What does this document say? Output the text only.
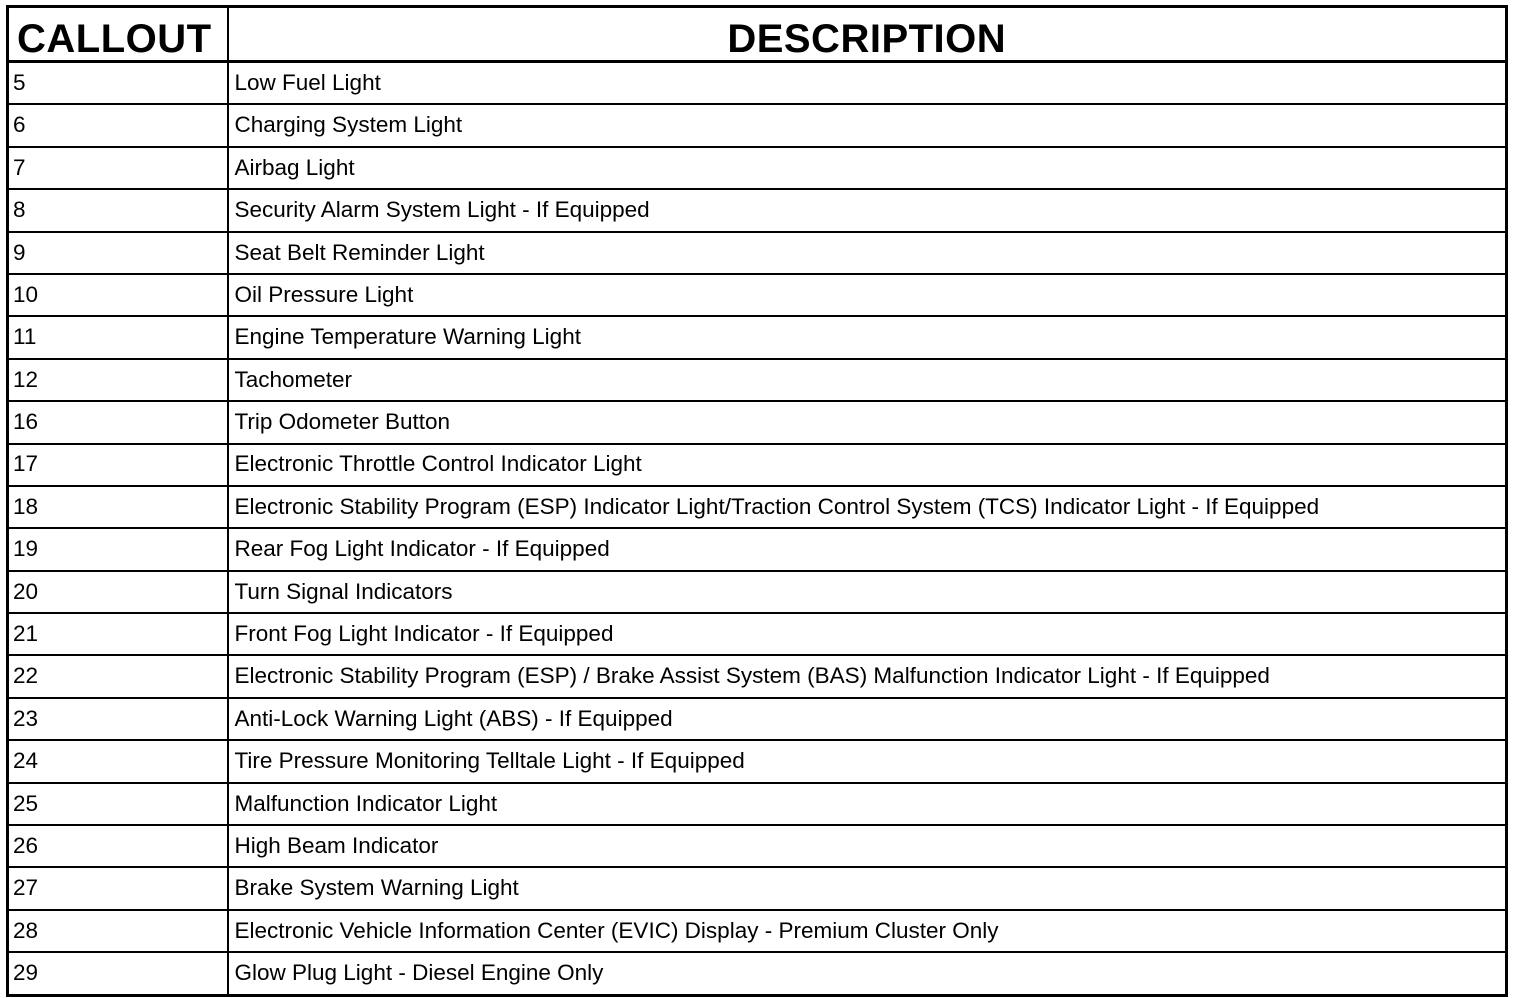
CALLOUT	DESCRIPTION
5	Low Fuel Light
6	Charging System Light
7	Airbag Light
8	Security Alarm System Light - If Equipped
9	Seat Belt Reminder Light
10	Oil Pressure Light
11	Engine Temperature Warning Light
12	Tachometer
16	Trip Odometer Button
17	Electronic Throttle Control Indicator Light
18	Electronic Stability Program (ESP) Indicator Light/Traction Control System (TCS) Indicator Light - If Equipped
19	Rear Fog Light Indicator - If Equipped
20	Turn Signal Indicators
21	Front Fog Light Indicator - If Equipped
22	Electronic Stability Program (ESP) / Brake Assist System (BAS) Malfunction Indicator Light - If Equipped
23	Anti-Lock Warning Light (ABS) - If Equipped
24	Tire Pressure Monitoring Telltale Light - If Equipped
25	Malfunction Indicator Light
26	High Beam Indicator
27	Brake System Warning Light
28	Electronic Vehicle Information Center (EVIC) Display - Premium Cluster Only
29	Glow Plug Light - Diesel Engine Only
